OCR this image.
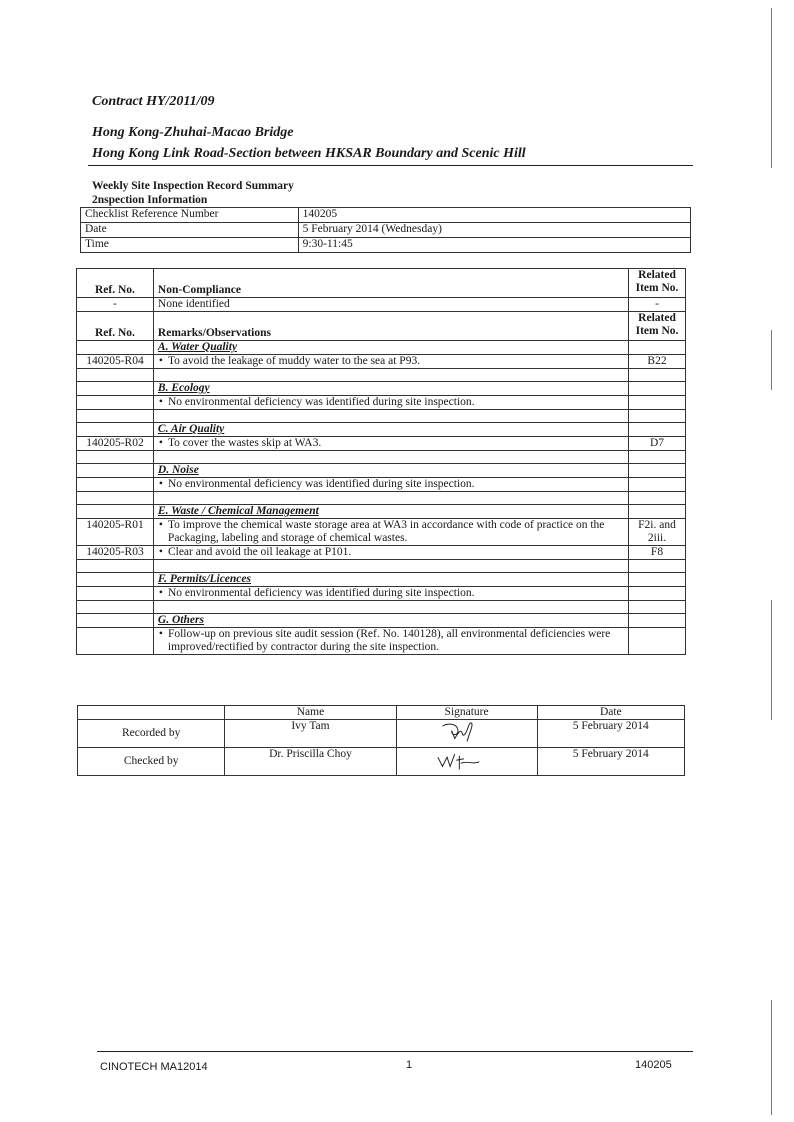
Contract HY/2011/09
Hong Kong-Zhuhai-Macao Bridge
Hong Kong Link Road-Section between HKSAR Boundary and Scenic Hill
Weekly Site Inspection Record Summary
2nspection Information
Checklist Reference Number	140205
Date	5 February 2014 (Wednesday)
Time	9:30-11:45
Ref. No.	Non-Compliance	Related Item No.
-	None identified	-
Ref. No.	Remarks/Observations	Related Item No.
	A. Water Quality	
140205-R04	• To avoid the leakage of muddy water to the sea at P93.	B22

	B. Ecology	
	• No environmental deficiency was identified during site inspection.	

	C. Air Quality	
140205-R02	• To cover the wastes skip at WA3.	D7

	D. Noise	
	• No environmental deficiency was identified during site inspection.	

	E. Waste / Chemical Management	
140205-R01	• To improve the chemical waste storage area at WA3 in accordance with code of practice on the Packaging, labeling and storage of chemical wastes.	F2i. and 2iii.
140205-R03	• Clear and avoid the oil leakage at P101.	F8

	F. Permits/Licences	
	• No environmental deficiency was identified during site inspection.	

	G. Others	
	• Follow-up on previous site audit session (Ref. No. 140128), all environmental deficiencies were improved/rectified by contractor during the site inspection.	
	Name	Signature	Date
Recorded by	Ivy Tam		5 February 2014
Checked by	Dr. Priscilla Choy		5 February 2014
CINOTECH MA12014	1	140205
